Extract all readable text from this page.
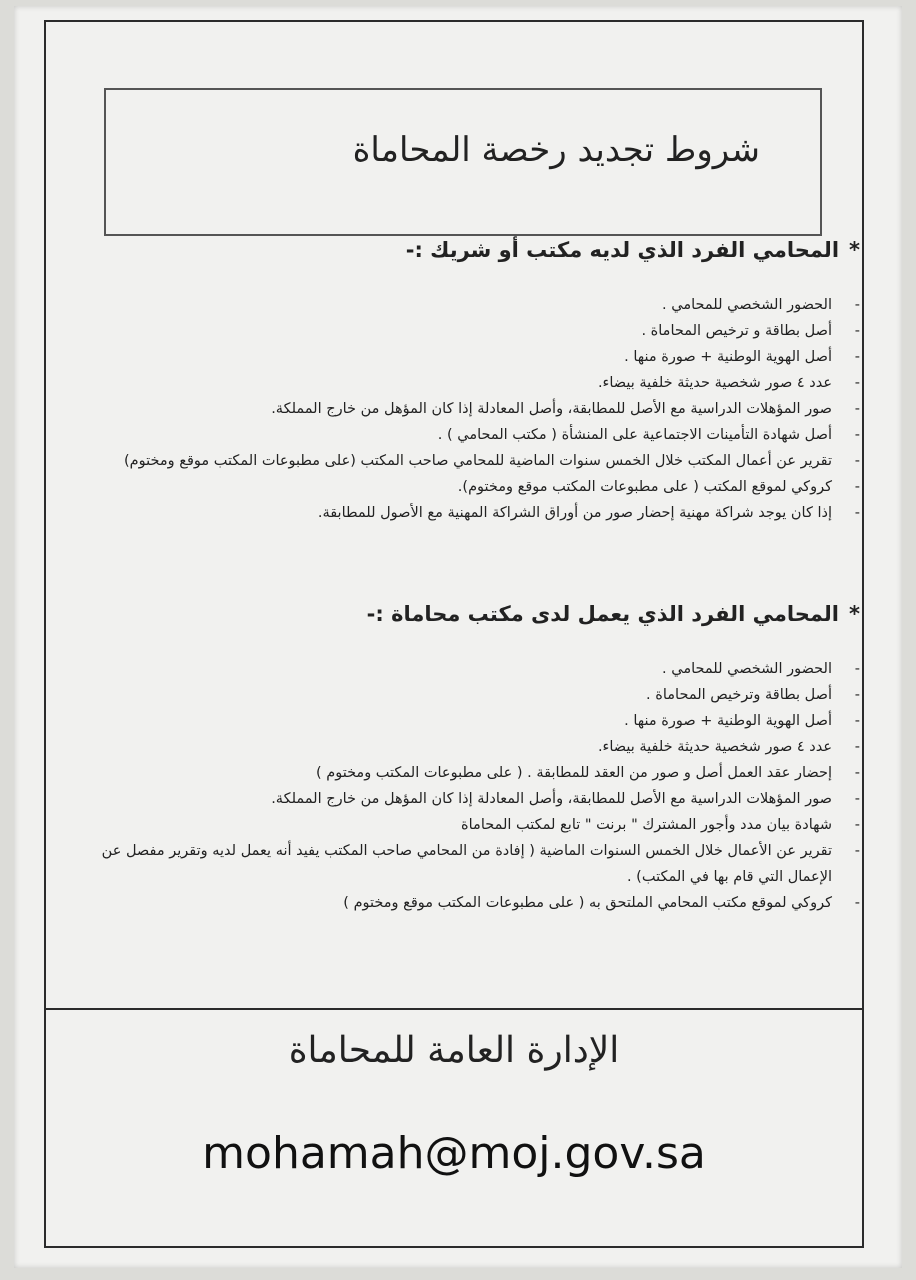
شروط تجديد رخصة المحاماة
*المحامي الفرد الذي لديه مكتب أو شريك :-
-
الحضور الشخصي للمحامي .
-
أصل بطاقة و ترخيص المحاماة .
-
أصل الهوية الوطنية + صورة منها .
-
عدد ٤ صور شخصية حديثة خلفية بيضاء.
-
صور المؤهلات الدراسية مع الأصل للمطابقة، وأصل المعادلة إذا كان المؤهل من خارج المملكة.
-
أصل شهادة التأمينات الاجتماعية على المنشأة ( مكتب المحامي ) .
-
تقرير عن أعمال المكتب خلال الخمس سنوات الماضية للمحامي صاحب المكتب (على مطبوعات المكتب موقع ومختوم)
-
كروكي لموقع المكتب ( على مطبوعات المكتب موقع ومختوم).
-
إذا كان يوجد شراكة مهنية إحضار صور من أوراق الشراكة المهنية مع الأصول للمطابقة.
*المحامي الفرد الذي يعمل لدى مكتب محاماة :-
-
الحضور الشخصي للمحامي .
-
أصل بطاقة وترخيص المحاماة .
-
أصل الهوية الوطنية + صورة منها .
-
عدد ٤ صور شخصية حديثة خلفية بيضاء.
-
إحضار عقد العمل أصل و صور من العقد للمطابقة . ( على مطبوعات المكتب ومختوم )
-
صور المؤهلات الدراسية مع الأصل للمطابقة، وأصل المعادلة إذا كان المؤهل من خارج المملكة.
-
شهادة بيان مدد وأجور المشترك " برنت " تابع لمكتب المحاماة
-
تقرير عن الأعمال خلال الخمس السنوات الماضية ( إفادة من المحامي صاحب المكتب يفيد أنه يعمل لديه وتقرير مفصل عن الإعمال التي قام بها في المكتب) .
-
كروكي لموقع مكتب المحامي الملتحق به ( على مطبوعات المكتب موقع ومختوم )
الإدارة العامة للمحاماة
mohamah@moj.gov.sa
